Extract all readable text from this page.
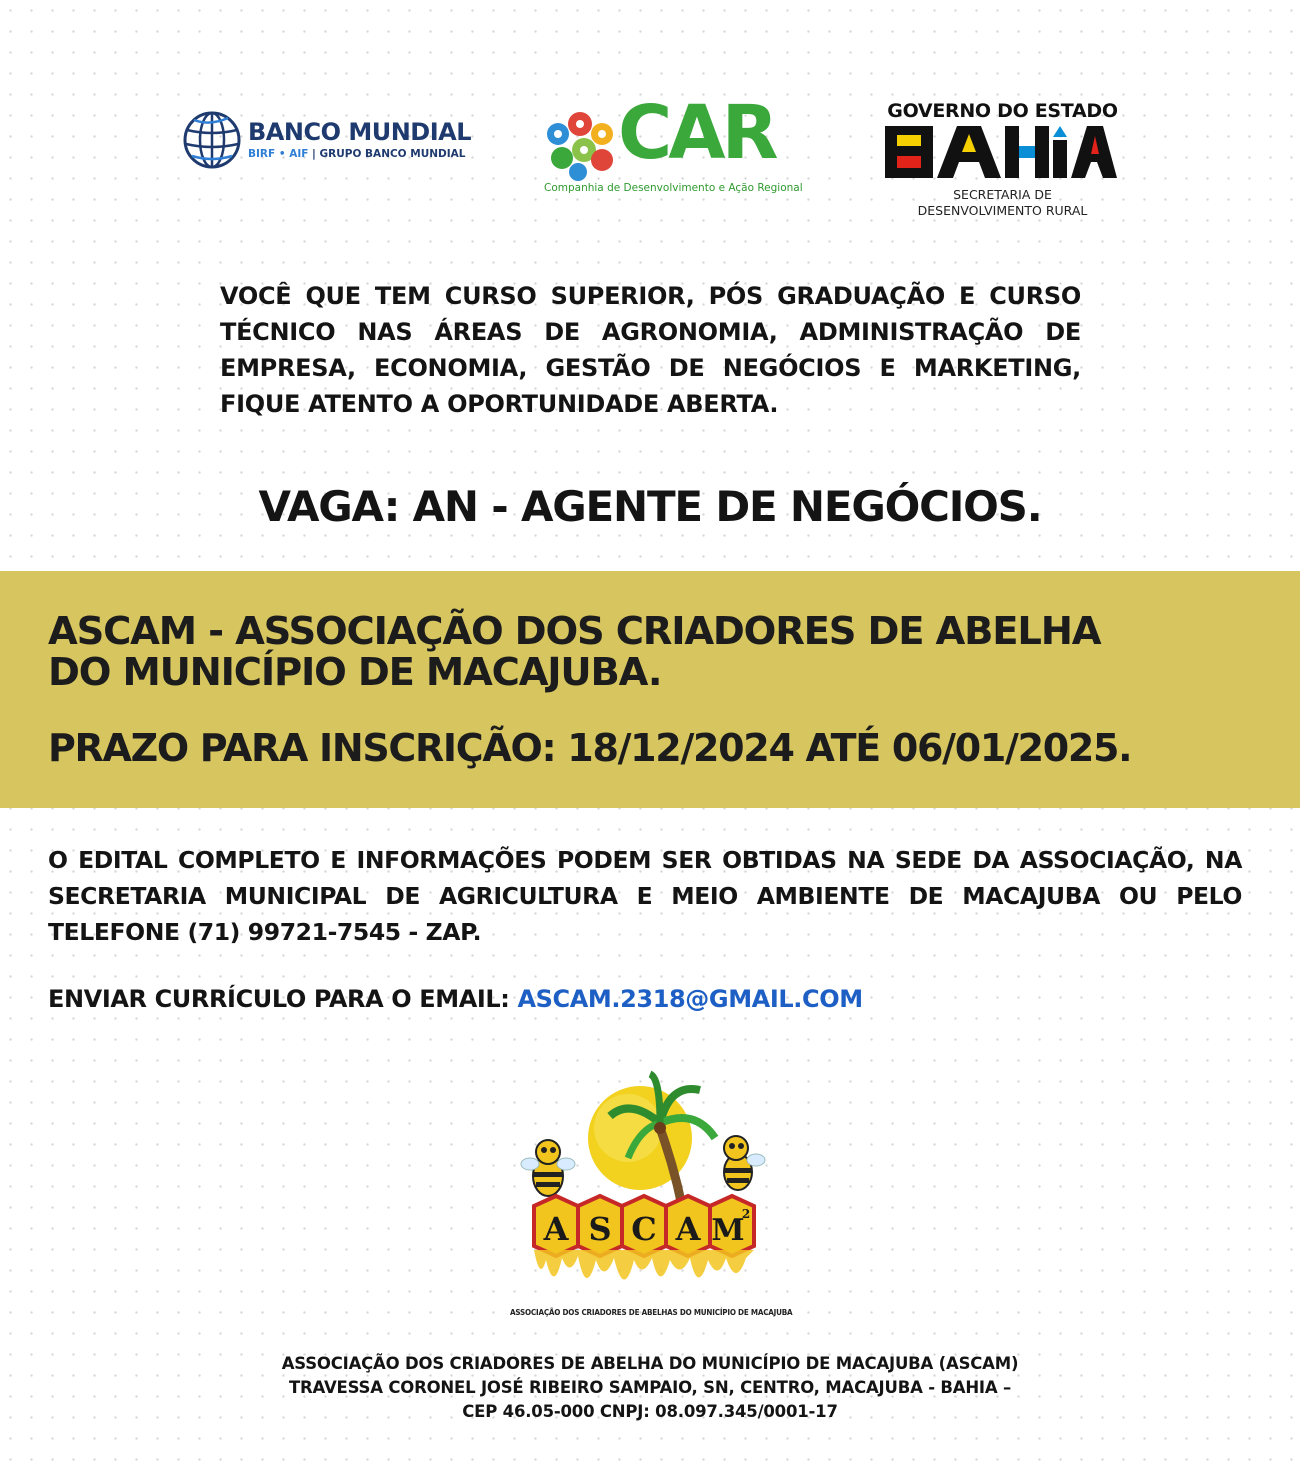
BANCO MUNDIAL
BIRF • AIF | GRUPO BANCO MUNDIAL CAR
Companhia de Desenvolvimento e Ação Regional
GOVERNO DO ESTADO
SECRETARIA DE
DESENVOLVIMENTO RURAL
VOCÊ QUE TEM CURSO SUPERIOR, PÓS GRADUAÇÃO E CURSO TÉCNICO NAS ÁREAS DE AGRONOMIA, ADMINISTRAÇÃO DE EMPRESA, ECONOMIA, GESTÃO DE NEGÓCIOS E MARKETING, FIQUE ATENTO A OPORTUNIDADE ABERTA.
VAGA: AN - AGENTE DE NEGÓCIOS.
ASCAM - ASSOCIAÇÃO DOS CRIADORES DE ABELHA
DO MUNICÍPIO DE MACAJUBA.
PRAZO PARA INSCRIÇÃO: 18/12/2024 ATÉ 06/01/2025.
O EDITAL COMPLETO E INFORMAÇÕES PODEM SER OBTIDAS NA SEDE DA ASSOCIAÇÃO, NA SECRETARIA MUNICIPAL DE AGRICULTURA E MEIO AMBIENTE DE MACAJUBA OU PELO TELEFONE (71) 99721-7545 - ZAP.
ENVIAR CURRÍCULO PARA O EMAIL: ASCAM.2318@GMAIL.COM
A S C A M
2
ASSOCIAÇÃO DOS CRIADORES DE ABELHAS DO MUNICÍPIO DE MACAJUBA
ASSOCIAÇÃO DOS CRIADORES DE ABELHA DO MUNICÍPIO DE MACAJUBA (ASCAM)
TRAVESSA CORONEL JOSÉ RIBEIRO SAMPAIO, SN, CENTRO, MACAJUBA - BAHIA –
CEP 46.05-000 CNPJ: 08.097.345/0001-17
